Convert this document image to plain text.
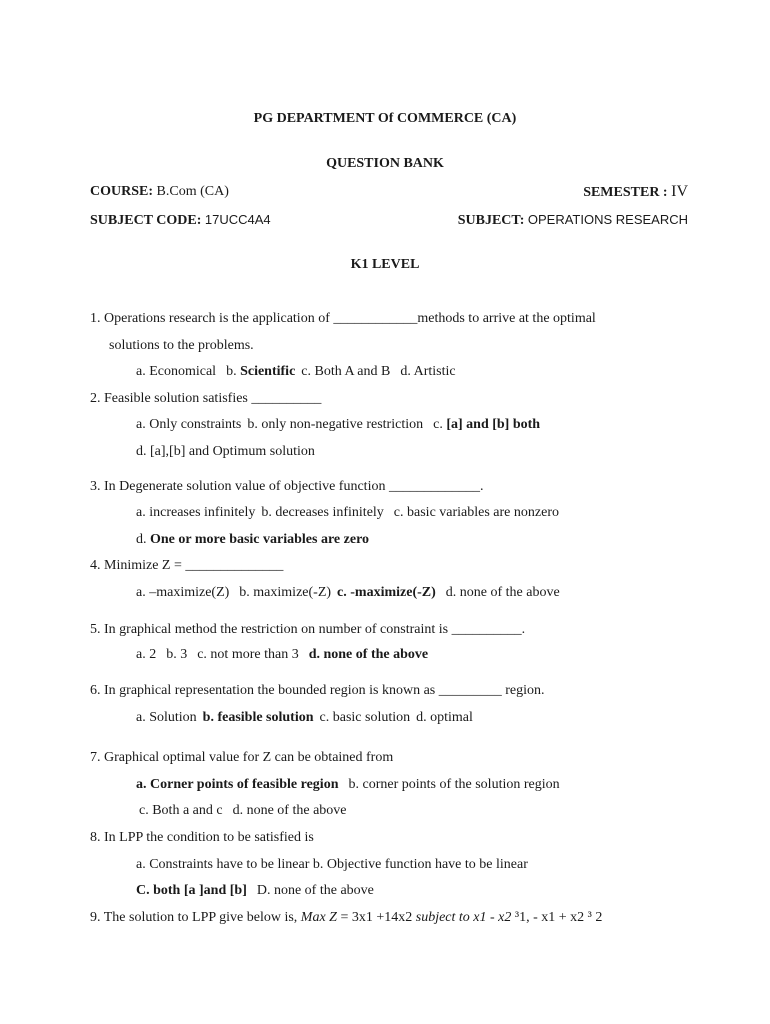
PG DEPARTMENT Of COMMERCE (CA)
QUESTION BANK
COURSE: B.Com (CA)	SEMESTER : IV
SUBJECT CODE: 17UCC4A4	SUBJECT: OPERATIONS RESEARCH
K1 LEVEL
1. Operations research is the application of ____________methods to arrive at the optimal
solutions to the problems.
a. Economical b. Scientific c. Both A and B d. Artistic
2. Feasible solution satisfies __________
a. Only constraints b. only non-negative restriction c. [a] and [b] both
d. [a],[b] and Optimum solution
3. In Degenerate solution value of objective function _____________.
a. increases infinitely b. decreases infinitely c. basic variables are nonzero
d. One or more basic variables are zero
4. Minimize Z = ______________
a. –maximize(Z) b. maximize(-Z) c. -maximize(-Z) d. none of the above
5. In graphical method the restriction on number of constraint is __________.
a. 2 b. 3 c. not more than 3 d. none of the above
6. In graphical representation the bounded region is known as _________ region.
a. Solution b. feasible solution c. basic solution d. optimal
7. Graphical optimal value for Z can be obtained from
a. Corner points of feasible region b. corner points of the solution region
c. Both a and c d. none of the above
8. In LPP the condition to be satisfied is
a. Constraints have to be linear b. Objective function have to be linear
C. both [a ]and [b] D. none of the above
9. The solution to LPP give below is, Max Z = 3x1 +14x2 subject to x1 - x2 ³1, - x1 + x2 ³ 2
